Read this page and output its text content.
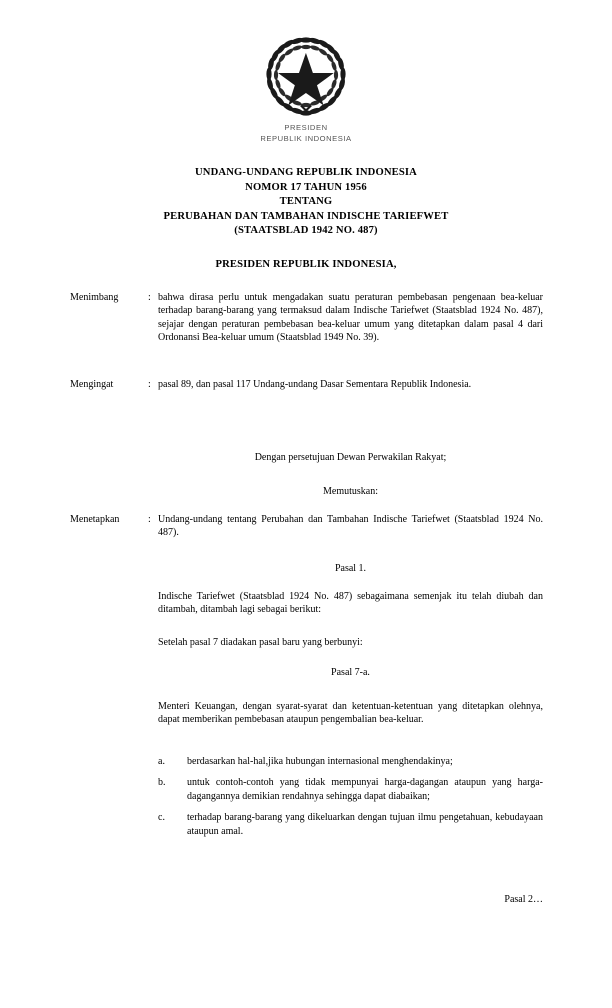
PRESIDEN
REPUBLIK INDONESIA
UNDANG-UNDANG REPUBLIK INDONESIA
NOMOR 17 TAHUN 1956
TENTANG
PERUBAHAN DAN TAMBAHAN INDISCHE TARIEFWET
(STAATSBLAD 1942 NO. 487)
PRESIDEN REPUBLIK INDONESIA,
Menimbang	: bahwa dirasa perlu untuk mengadakan suatu peraturan pembebasan pengenaan bea-keluar terhadap barang-barang yang termaksud dalam Indische Tariefwet (Staatsblad 1924 No. 487), sejajar dengan peraturan pembebasan bea-keluar umum yang ditetapkan dalam pasal 4 dari Ordonansi Bea-keluar umum (Staatsblad 1949 No. 39).
Mengingat	: pasal 89, dan pasal 117 Undang-undang Dasar Sementara Republik Indonesia.
Dengan persetujuan Dewan Perwakilan Rakyat;
Memutuskan:
Menetapkan	: Undang-undang tentang Perubahan dan Tambahan Indische Tariefwet (Staatsblad 1924 No. 487).
Pasal 1.
Indische Tariefwet (Staatsblad 1924 No. 487) sebagaimana semenjak itu telah diubah dan ditambah, ditambah lagi sebagai berikut:
Setelah pasal 7 diadakan pasal baru yang berbunyi:
Pasal 7-a.
Menteri Keuangan, dengan syarat-syarat dan ketentuan-ketentuan yang ditetapkan olehnya, dapat memberikan pembebasan ataupun pengembalian bea-keluar.
a.	berdasarkan hal-hal,jika hubungan internasional menghendakinya;
b.	untuk contoh-contoh yang tidak mempunyai harga-dagangan ataupun yang harga-dagangannya demikian rendahnya sehingga dapat diabaikan;
c.	terhadap barang-barang yang dikeluarkan dengan tujuan ilmu pengetahuan, kebudayaan ataupun amal.
Pasal 2…
